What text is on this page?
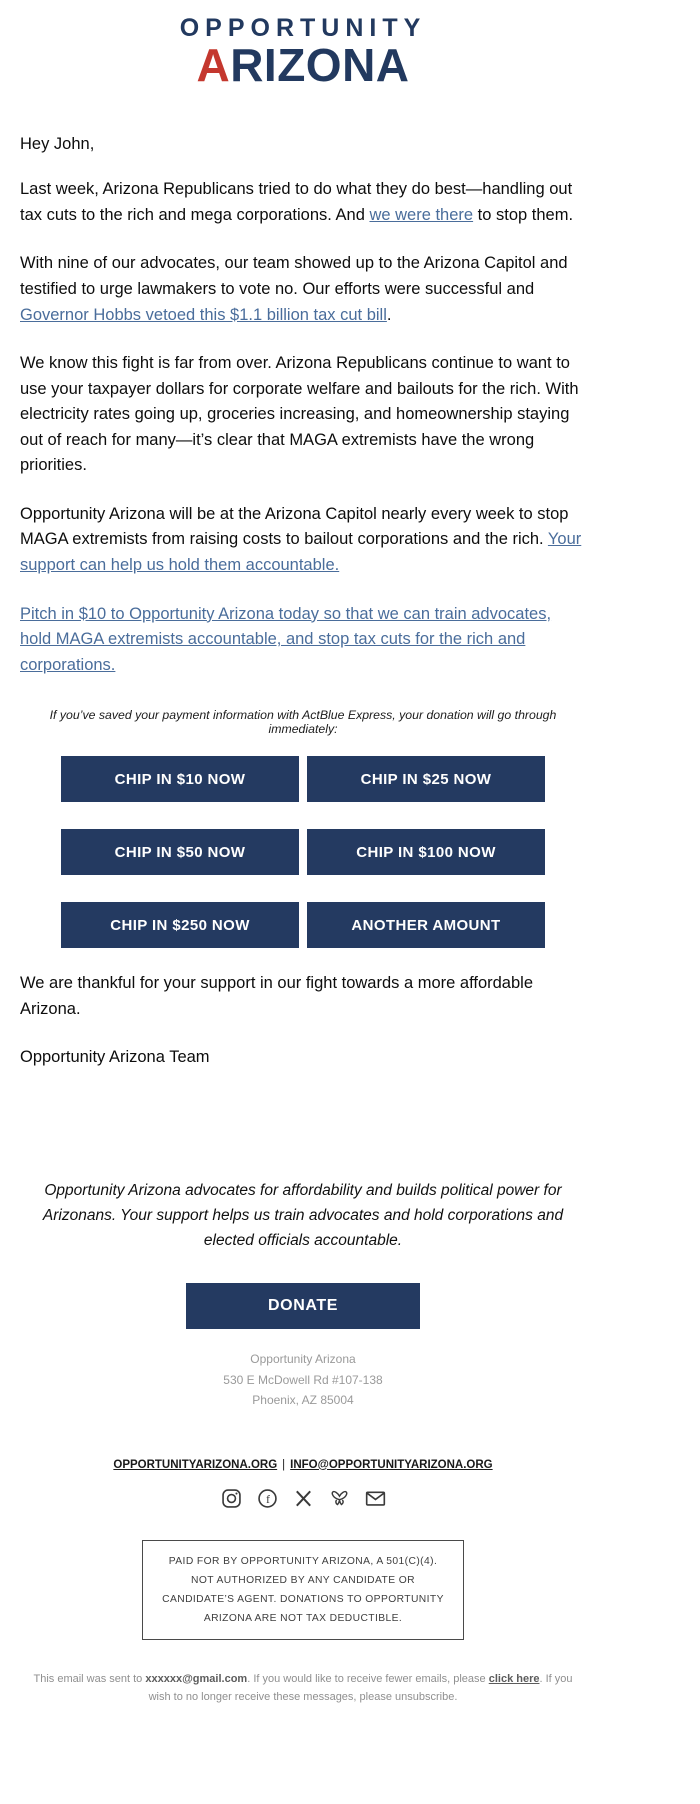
OPPORTUNITY
ARIZONA

Hey John,

Last week, Arizona Republicans tried to do what they do best—handling out tax cuts to the rich and mega corporations. And we were there to stop them.

With nine of our advocates, our team showed up to the Arizona Capitol and testified to urge lawmakers to vote no. Our efforts were successful and Governor Hobbs vetoed this $1.1 billion tax cut bill.

We know this fight is far from over. Arizona Republicans continue to want to use your taxpayer dollars for corporate welfare and bailouts for the rich. With electricity rates going up, groceries increasing, and homeownership staying out of reach for many—it’s clear that MAGA extremists have the wrong priorities.

Opportunity Arizona will be at the Arizona Capitol nearly every week to stop MAGA extremists from raising costs to bailout corporations and the rich. Your support can help us hold them accountable.

Pitch in $10 to Opportunity Arizona today so that we can train advocates, hold MAGA extremists accountable, and stop tax cuts for the rich and corporations.

If you’ve saved your payment information with ActBlue Express, your donation will go through immediately:
CHIP IN $10 NOW	CHIP IN $25 NOW
CHIP IN $50 NOW	CHIP IN $100 NOW
CHIP IN $250 NOW	ANOTHER AMOUNT

We are thankful for your support in our fight towards a more affordable Arizona.

Opportunity Arizona Team

Opportunity Arizona advocates for affordability and builds political power for Arizonans. Your support helps us train advocates and hold corporations and elected officials accountable.
DONATE
Opportunity Arizona
530 E McDowell Rd #107-138
Phoenix, AZ 85004
OPPORTUNITYARIZONA.ORG | INFO@OPPORTUNITYARIZONA.ORG
f
PAID FOR BY OPPORTUNITY ARIZONA, A 501(C)(4). NOT AUTHORIZED BY ANY CANDIDATE OR CANDIDATE’S AGENT. DONATIONS TO OPPORTUNITY ARIZONA ARE NOT TAX DEDUCTIBLE.
This email was sent to xxxxxx@gmail.com. If you would like to receive fewer emails, please click here. If you wish to no longer receive these messages, please unsubscribe.
